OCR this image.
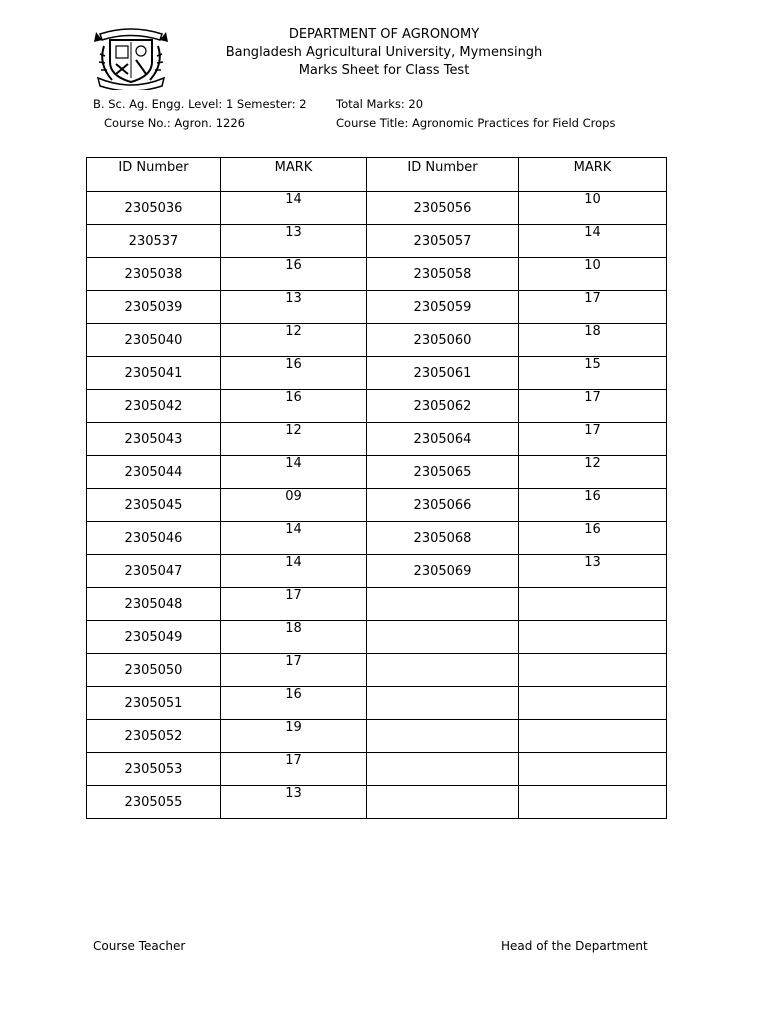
DEPARTMENT OF AGRONOMY
Bangladesh Agricultural University, Mymensingh
Marks Sheet for Class Test
B. Sc. Ag. Engg. Level: 1 Semester: 2
Course No.: Agron. 1226
Total Marks: 20
Course Title: Agronomic Practices for Field Crops
ID Number	MARK	ID Number	MARK
2305036	14	2305056	10
230537	13	2305057	14
2305038	16	2305058	10
2305039	13	2305059	17
2305040	12	2305060	18
2305041	16	2305061	15
2305042	16	2305062	17
2305043	12	2305064	17
2305044	14	2305065	12
2305045	09	2305066	16
2305046	14	2305068	16
2305047	14	2305069	13
2305048	17		
2305049	18		
2305050	17		
2305051	16		
2305052	19		
2305053	17		
2305055	13		
Course Teacher	Head of the Department
